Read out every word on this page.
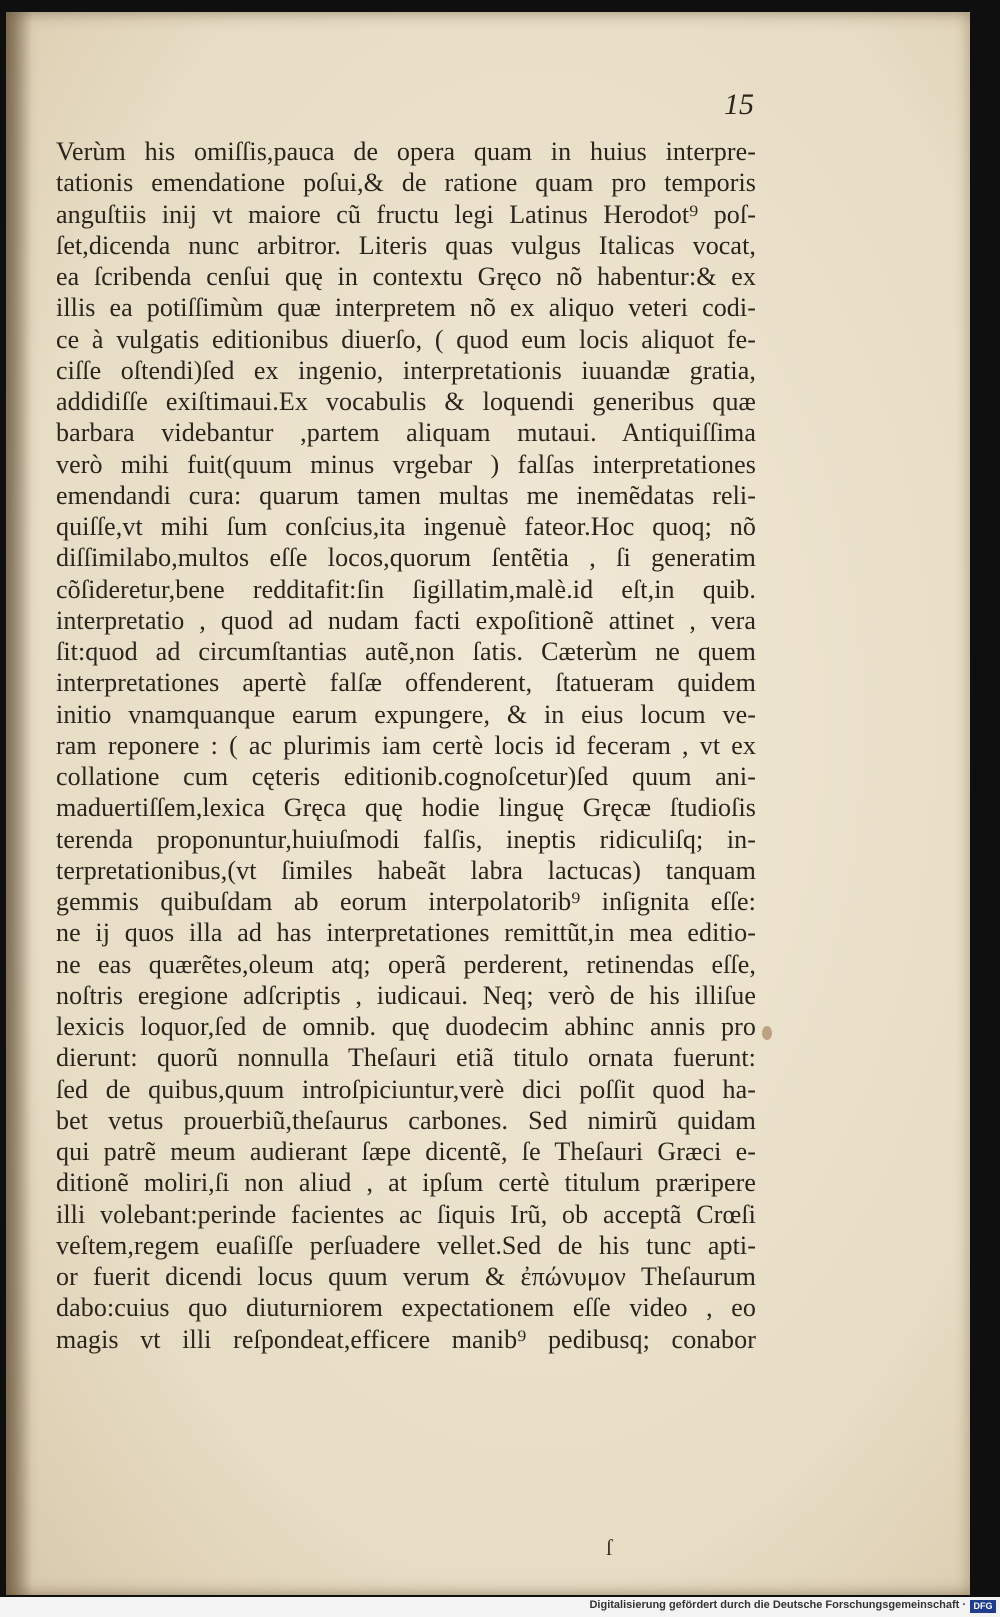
15
Verùm his omiſſis,pauca de opera quam in huius interpre-
tationis emendatione poſui,& de ratione quam pro temporis
anguſtiis inij vt maiore cũ fructu legi Latinus Herodot⁹ poſ-
ſet,dicenda nunc arbitror. Literis quas vulgus Italicas vocat,
ea ſcribenda cenſui quę in contextu Gręco nõ habentur:& ex
illis ea potiſſimùm quæ interpretem nõ ex aliquo veteri codi-
ce à vulgatis editionibus diuerſo, ( quod eum locis aliquot fe-
ciſſe oſtendi)ſed ex ingenio, interpretationis iuuandæ gratia,
addidiſſe exiſtimaui.Ex vocabulis & loquendi generibus quæ
barbara videbantur ,partem aliquam mutaui. Antiquiſſima
verò mihi fuit(quum minus vrgebar ) falſas interpretationes
emendandi cura: quarum tamen multas me inemẽdatas reli-
quiſſe,vt mihi ſum conſcius,ita ingenuè fateor.Hoc quoq; nõ
diſſimilabo,multos eſſe locos,quorum ſentẽtia , ſi generatim
cõſideretur,bene redditafit:ſin ſigillatim,malè.id eſt,in quib.
interpretatio , quod ad nudam facti expoſitionẽ attinet , vera
ſit:quod ad circumſtantias autẽ,non ſatis. Cæterùm ne quem
interpretationes apertè falſæ offenderent, ſtatueram quidem
initio vnamquanque earum expungere, & in eius locum ve-
ram reponere : ( ac plurimis iam certè locis id feceram , vt ex
collatione cum cęteris editionib.cognoſcetur)ſed quum ani-
maduertiſſem,lexica Gręca quę hodie linguę Gręcæ ſtudioſis
terenda proponuntur,huiuſmodi falſis, ineptis ridiculiſq; in-
terpretationibus,(vt ſimiles habeãt labra lactucas) tanquam
gemmis quibuſdam ab eorum interpolatorib⁹ inſignita eſſe:
ne ij quos illa ad has interpretationes remittũt,in mea editio-
ne eas quærẽtes,oleum atq; operã perderent, retinendas eſſe,
noſtris eregione adſcriptis , iudicaui. Neq; verò de his illiſue
lexicis loquor,ſed de omnib. quę duodecim abhinc annis pro
dierunt: quorũ nonnulla Theſauri etiã titulo ornata fuerunt:
ſed de quibus,quum introſpiciuntur,verè dici poſſit quod ha-
bet vetus prouerbiũ,theſaurus carbones. Sed nimirũ quidam
qui patrẽ meum audierant ſæpe dicentẽ, ſe Theſauri Græci e-
ditionẽ moliri,ſi non aliud , at ipſum certè titulum præripere
illi volebant:perinde facientes ac ſiquis Irũ, ob acceptã Crœſi
veſtem,regem euaſiſſe perſuadere vellet.Sed de his tunc apti-
or fuerit dicendi locus quum verum & ἐπώνυμον Theſaurum
dabo:cuius quo diuturniorem expectationem eſſe video , eo
magis vt illi reſpondeat,efficere manib⁹ pedibusq; conabor
ſ
Digitalisierung gefördert durch die Deutsche Forschungsgemeinschaft · DFG
